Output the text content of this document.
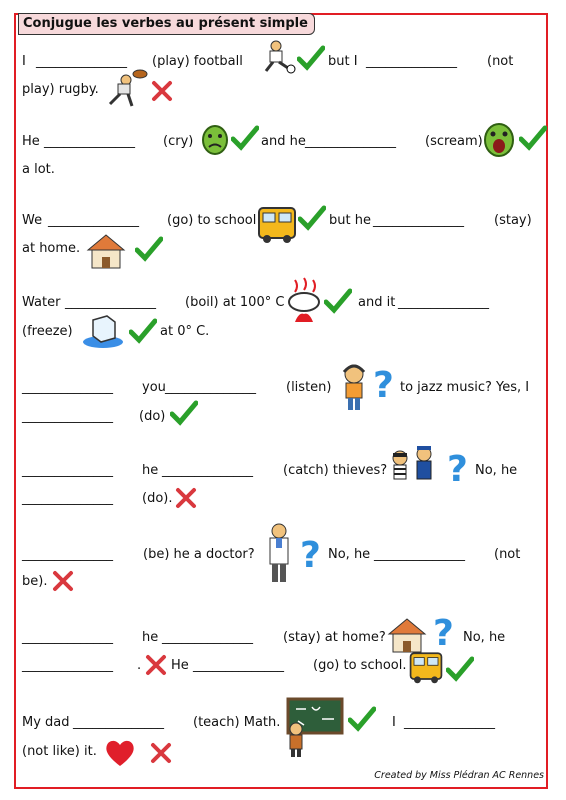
Conjugue les verbes au présent simple
I ______________ (play) football	but I ______________ (not
play) rugby.
He ______________ (cry)	and he ______________ (scream)
a lot.
We ______________ (go) to school	but he ______________ (stay)
at home.
Water ______________ (boil) at 100° C	and it ______________
(freeze)	at 0° C.
______________ you ______________ (listen) ? to jazz music? Yes, I
______________ (do)
______________ he ______________ (catch) thieves? ? No, he
______________ (do).
______________ (be) he a doctor? ? No, he ______________ (not
be).
______________ he ______________ (stay) at home? ? No, he
______________ . He ______________ (go) to school.
My dad ______________ (teach) Math.	I ______________
(not like) it.
Created by Miss Plédran AC Rennes
